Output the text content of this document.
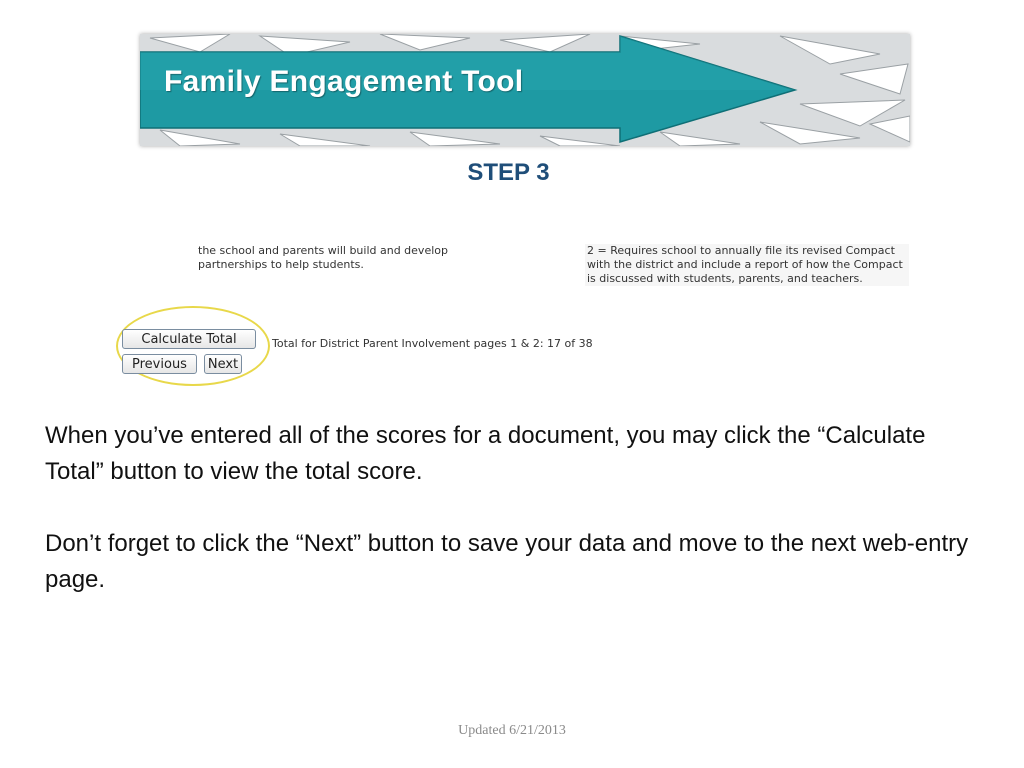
Family Engagement Tool
STEP 3
the school and parents will build and develop partnerships to help students.
2 = Requires school to annually file its revised Compact with the district and include a report of how the Compact is discussed with students, parents, and teachers.
Calculate Total
Previous	Next
Total for District Parent Involvement pages 1 & 2: 17 of 38

When you’ve entered all of the scores for a document, you may click the “Calculate Total” button to view the total score.

Don’t forget to click the “Next” button to save your data and move to the next web-entry page.

Updated 6/21/2013
